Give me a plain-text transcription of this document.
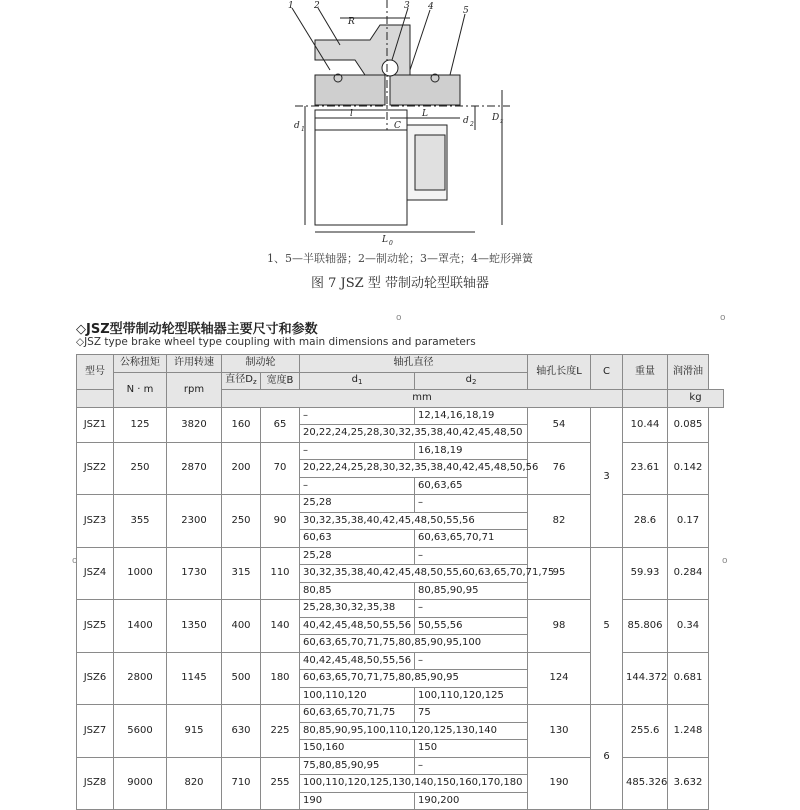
1 2	3 4	5
R
l	L
C
d 1
d 2
D z
L 0
1、5—半联轴器；2—制动轮；3—罩壳；4—蛇形弹簧
图 7 JSZ 型 带制动轮型联轴器
◇JSZ型带制动轮型联轴器主要尺寸和参数
◇JSZ type brake wheel type coupling with main dimensions and parameters
o	o
o	o
型号	公称扭矩	许用转速	制动轮		轴孔直径		轴孔长度L	C	重量	润滑油
	N · m	rpm	直径$D_z$	宽度B	$d_1$	$d_2$
			mm							kg
JSZ1	125	3820	160	65	–	12,14,16,18,19	54	3	10.44	0.085
					20,22,24,25,28,30,32,35,38,40,42,45,48,50					
JSZ2	250	2870	200	70	–	16,18,19	76		23.61	0.142
					20,22,24,25,28,30,32,35,38,40,42,45,48,50,56					
					–	60,63,65				
JSZ3	355	2300	250	90	25,28	–	82		28.6	0.17
					30,32,35,38,40,42,45,48,50,55,56					
					60,63	60,63,65,70,71				
JSZ4	1000	1730	315	110	25,28	–	95	5	59.93	0.284
					30,32,35,38,40,42,45,48,50,55,60,63,65,70,71,75					
					80,85	80,85,90,95				
JSZ5	1400	1350	400	140	25,28,30,32,35,38	–	98		85.806	0.34
					40,42,45,48,50,55,56	50,55,56				
					60,63,65,70,71,75,80,85,90,95,100					
JSZ6	2800	1145	500	180	40,42,45,48,50,55,56	–	124		144.372	0.681
					60,63,65,70,71,75,80,85,90,95					
					100,110,120	100,110,120,125				
JSZ7	5600	915	630	225	60,63,65,70,71,75	75	130	6	255.6	1.248
					80,85,90,95,100,110,120,125,130,140					
					150,160	150				
JSZ8	9000	820	710	255	75,80,85,90,95	–	190		485.326	3.632
					100,110,120,125,130,140,150,160,170,180					
					190	190,200				
